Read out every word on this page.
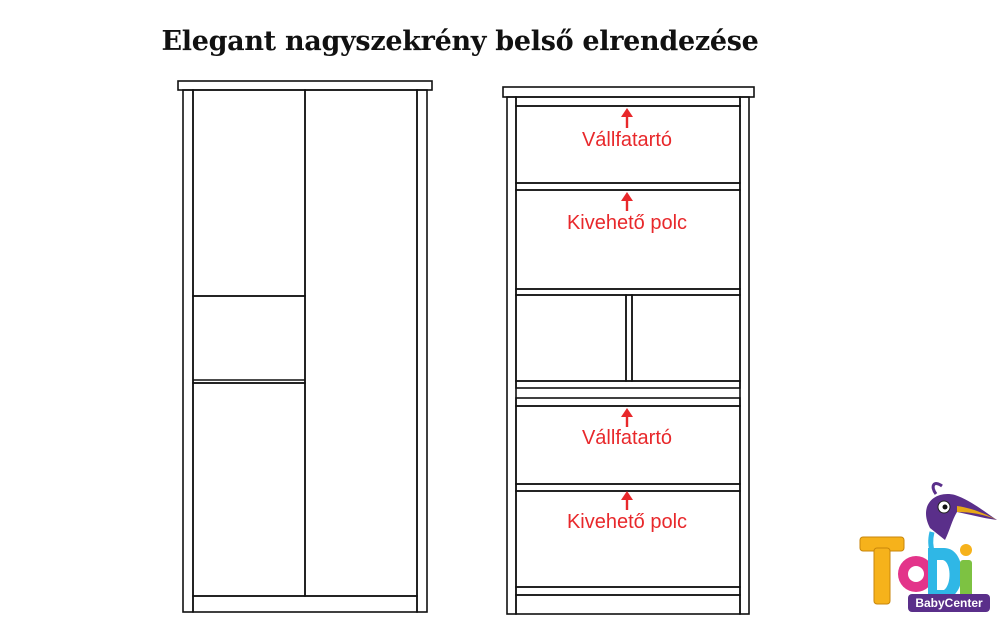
Elegant nagyszekrény belső elrendezése
Vállfatartó
Kivehető polc
Vállfatartó
Kivehető polc
BabyCenter
